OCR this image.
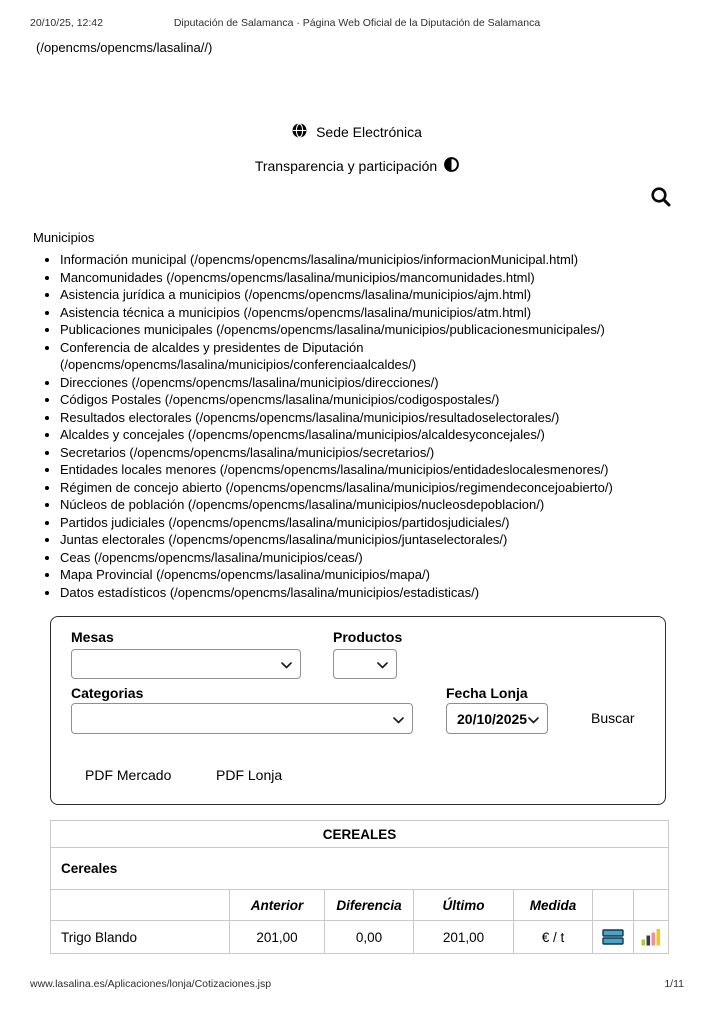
20/10/25, 12:42	Diputación de Salamanca · Página Web Oficial de la Diputación de Salamanca
(/opencms/opencms/lasalina//)
Sede Electrónica
Transparencia y participación
Municipios
• Información municipal (/opencms/opencms/lasalina/municipios/informacionMunicipal.html)
• Mancomunidades (/opencms/opencms/lasalina/municipios/mancomunidades.html)
• Asistencia jurídica a municipios (/opencms/opencms/lasalina/municipios/ajm.html)
• Asistencia técnica a municipios (/opencms/opencms/lasalina/municipios/atm.html)
• Publicaciones municipales (/opencms/opencms/lasalina/municipios/publicacionesmunicipales/)
• Conferencia de alcaldes y presidentes de Diputación (/opencms/opencms/lasalina/municipios/conferenciaalcaldes/)
• Direcciones (/opencms/opencms/lasalina/municipios/direcciones/)
• Códigos Postales (/opencms/opencms/lasalina/municipios/codigospostales/)
• Resultados electorales (/opencms/opencms/lasalina/municipios/resultadoselectorales/)
• Alcaldes y concejales (/opencms/opencms/lasalina/municipios/alcaldesyconcejales/)
• Secretarios (/opencms/opencms/lasalina/municipios/secretarios/)
• Entidades locales menores (/opencms/opencms/lasalina/municipios/entidadeslocalesmenores/)
• Régimen de concejo abierto (/opencms/opencms/lasalina/municipios/regimendeconcejoabierto/)
• Núcleos de población (/opencms/opencms/lasalina/municipios/nucleosdepoblacion/)
• Partidos judiciales (/opencms/opencms/lasalina/municipios/partidosjudiciales/)
• Juntas electorales (/opencms/opencms/lasalina/municipios/juntaselectorales/)
• Ceas (/opencms/opencms/lasalina/municipios/ceas/)
• Mapa Provincial (/opencms/opencms/lasalina/municipios/mapa/)
• Datos estadísticos (/opencms/opencms/lasalina/municipios/estadisticas/)
Mesas	Productos
Categorias	Fecha Lonja
20/10/2025	Buscar
PDF Mercado	PDF Lonja
CEREALES						
Cereales						
	Anterior	Diferencia	Último	Medida		
Trigo Blando	201,00	0,00	201,00	€ / t		
www.lasalina.es/Aplicaciones/lonja/Cotizaciones.jsp	1/11
